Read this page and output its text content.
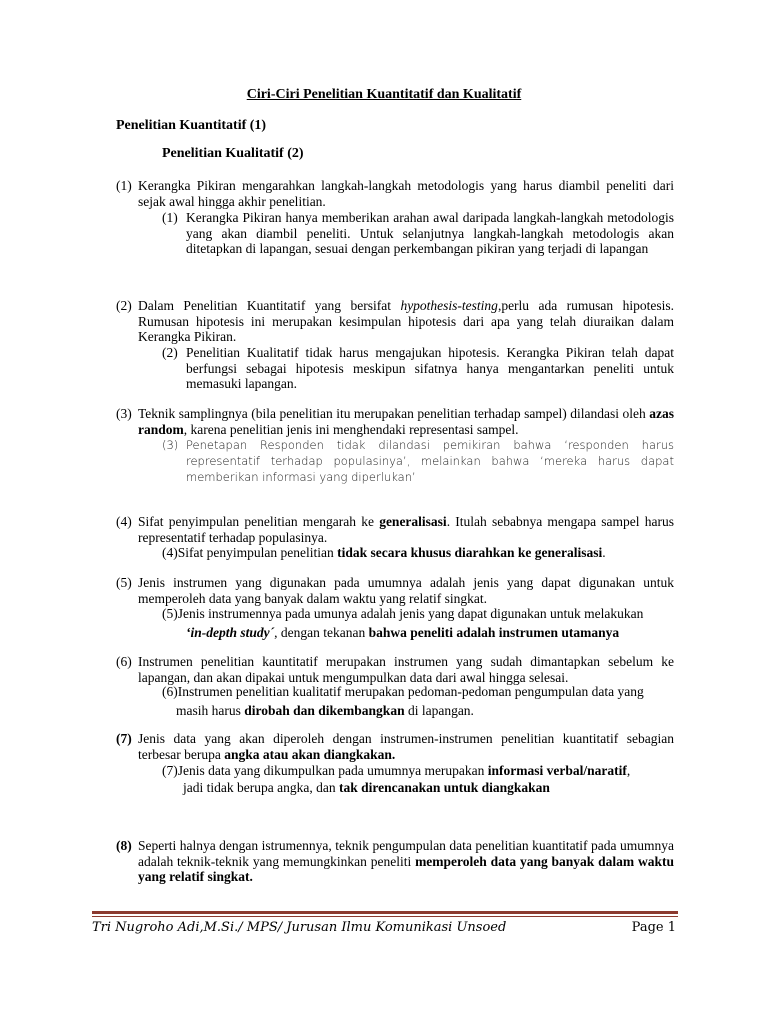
Ciri-Ciri Penelitian Kuantitatif dan Kualitatif
Penelitian Kuantitatif (1)
Penelitian Kualitatif (2)
(1) Kerangka Pikiran mengarahkan langkah-langkah metodologis yang harus diambil peneliti dari sejak awal hingga akhir penelitian.
(1) Kerangka Pikiran hanya memberikan arahan awal daripada langkah-langkah metodologis yang akan diambil peneliti. Untuk selanjutnya langkah-langkah metodologis akan ditetapkan di lapangan, sesuai dengan perkembangan pikiran yang terjadi di lapangan
(2) Dalam Penelitian Kuantitatif yang bersifat hypothesis-testing,perlu ada rumusan hipotesis. Rumusan hipotesis ini merupakan kesimpulan hipotesis dari apa yang telah diuraikan dalam Kerangka Pikiran.
(2) Penelitian Kualitatif tidak harus mengajukan hipotesis. Kerangka Pikiran telah dapat berfungsi sebagai hipotesis meskipun sifatnya hanya mengantarkan peneliti untuk memasuki lapangan.
(3) Teknik samplingnya (bila penelitian itu merupakan penelitian terhadap sampel) dilandasi oleh azas random, karena penelitian jenis ini menghendaki representasi sampel.
(3) Penetapan Responden tidak dilandasi pemikiran bahwa ‘responden harus representatif terhadap populasinya’, melainkan bahwa ‘mereka harus dapat memberikan informasi yang diperlukan’
(4) Sifat penyimpulan penelitian mengarah ke generalisasi. Itulah sebabnya mengapa sampel harus representatif terhadap populasinya.
(4)Sifat penyimpulan penelitian tidak secara khusus diarahkan ke generalisasi.
(5) Jenis instrumen yang digunakan pada umumnya adalah jenis yang dapat digunakan untuk memperoleh data yang banyak dalam waktu yang relatif singkat.
(5)Jenis instrumennya pada umunya adalah jenis yang dapat digunakan untuk melakukan
‘in-depth study´, dengan tekanan bahwa peneliti adalah instrumen utamanya
(6) Instrumen penelitian kauntitatif merupakan instrumen yang sudah dimantapkan sebelum ke lapangan, dan akan dipakai untuk mengumpulkan data dari awal hingga selesai.
(6)Instrumen penelitian kualitatif merupakan pedoman-pedoman pengumpulan data yang
masih harus dirobah dan dikembangkan di lapangan.
(7) Jenis data yang akan diperoleh dengan instrumen-instrumen penelitian kuantitatif sebagian terbesar berupa angka atau akan diangkakan.
(7)Jenis data yang dikumpulkan pada umumnya merupakan informasi verbal/naratif,
jadi tidak berupa angka, dan tak direncanakan untuk diangkakan
(8) Seperti halnya dengan istrumennya, teknik pengumpulan data penelitian kuantitatif pada umumnya adalah teknik-teknik yang memungkinkan peneliti memperoleh data yang banyak dalam waktu yang relatif singkat.
Tri Nugroho Adi,M.Si./ MPS/ Jurusan Ilmu Komunikasi Unsoed	Page 1
